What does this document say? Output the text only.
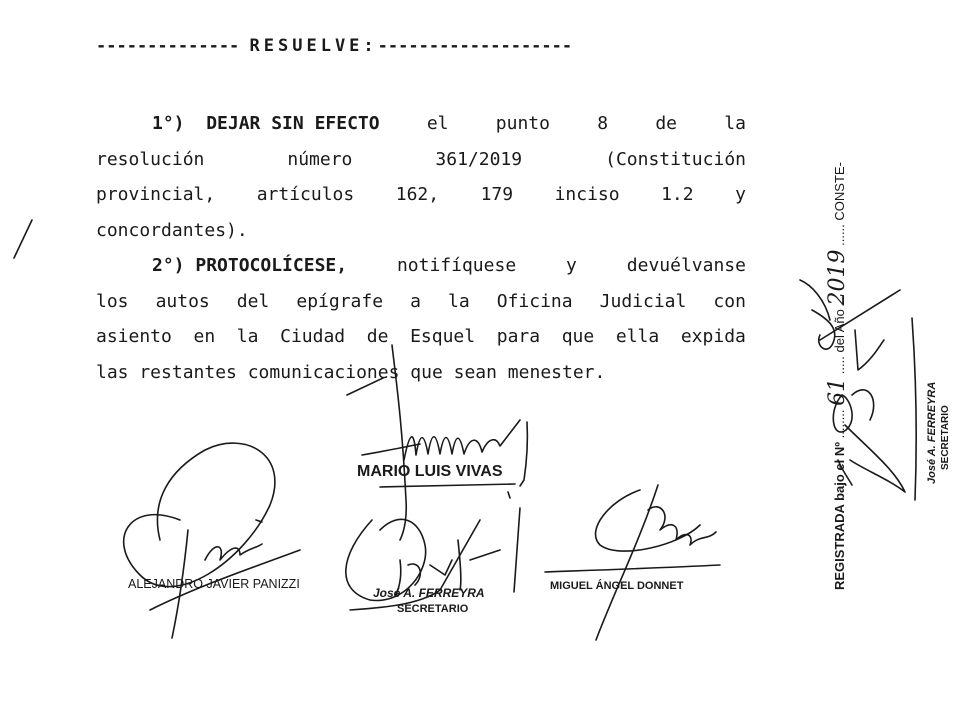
-------------- RESUELVE:-------------------
1°) DEJAR SIN EFECTO	el	punto	8	de	la
resolución	número	361/2019	(Constitución
provincial, artículos 162, 179 inciso 1.2 y
concordantes).
2°) PROTOCOLÍCESE,	notifíquese	y	devuélvanse
los autos del epígrafe a la Oficina Judicial con
asiento en la Ciudad de Esquel para que ella expida
las restantes comunicaciones que sean menester.
MARIO LUIS VIVAS
ALEJANDRO JAVIER PANIZZI
José A. FERREYRA
SECRETARIO
MIGUEL ÁNGEL DONNET	REGISTRADA bajo el Nº ........ 61 ..... del Año 2019 ...... CONSTE-
José A. FERREYRA SECRETARIO
